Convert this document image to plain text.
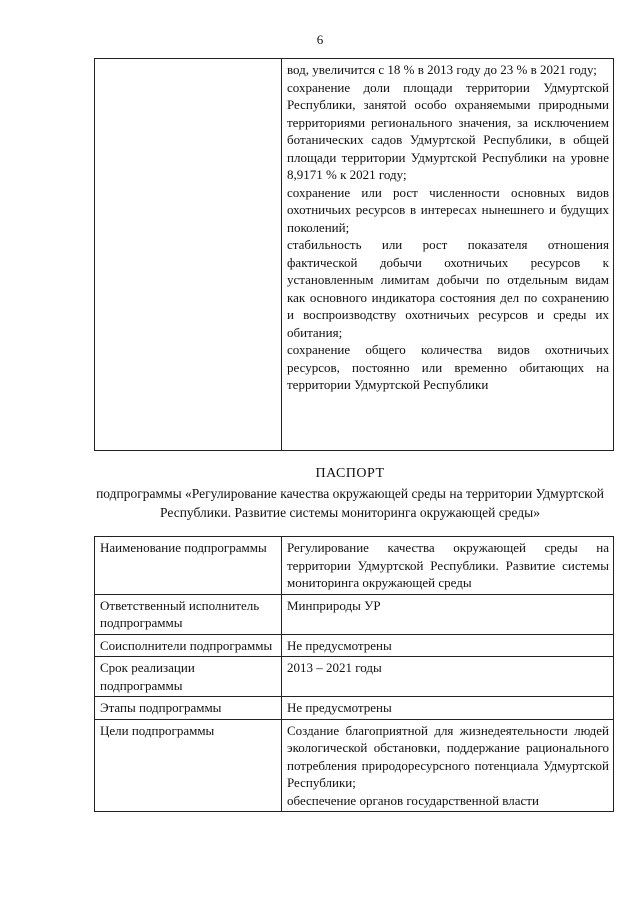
6

вод, увеличится с 18 % в 2013 году до 23 % в 2021 году;
сохранение доли площади территории Удмуртской Республики, занятой особо охраняемыми природными территориями регионального значения, за исключением ботанических садов Удмуртской Республики, в общей площади территории Удмуртской Республики на уровне 8,9171 % к 2021 году;
сохранение или рост численности основных видов охотничьих ресурсов в интересах нынешнего и будущих поколений;
стабильность или рост показателя отношения фактической добычи охотничьих ресурсов к установленным лимитам добычи по отдельным видам как основного индикатора состояния дел по сохранению и воспроизводству охотничьих ресурсов и среды их обитания;
сохранение общего количества видов охотничьих ресурсов, постоянно или временно обитающих на территории Удмуртской Республики
ПАСПОРТ
подпрограммы «Регулирование качества окружающей среды на территории Удмуртской Республики. Развитие системы мониторинга окружающей среды»
Наименование подпрограммы	Регулирование качества окружающей среды на территории Удмуртской Республики. Развитие системы мониторинга окружающей среды
Ответственный исполнитель подпрограммы	Минприроды УР
Соисполнители подпрограммы	Не предусмотрены
Срок реализации подпрограммы	2013 – 2021 годы
Этапы подпрограммы	Не предусмотрены
Цели подпрограммы	Создание благоприятной для жизнедеятельности людей экологической обстановки, поддержание рационального потребления природоресурсного потенциала Удмуртской Республики;
обеспечение органов государственной власти
